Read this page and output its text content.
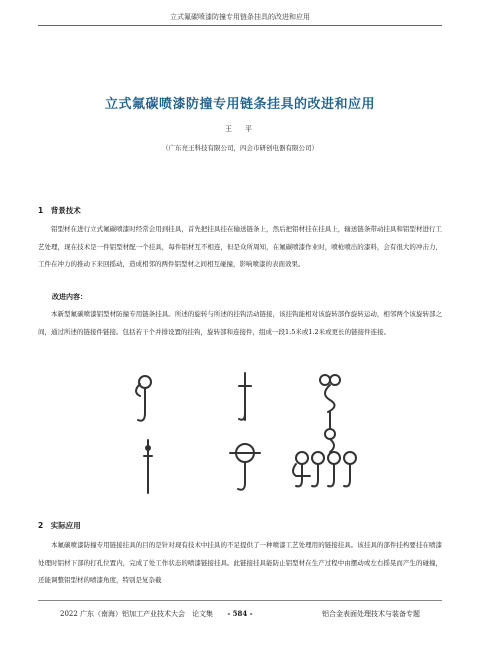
立式氟碳喷漆防撞专用链条挂具的改进和应用
立式氟碳喷漆防撞专用链条挂具的改进和应用
王　平
（广东亮王科技有限公司，四会市研创电器有限公司）
1　背景技术
铝型材在进行立式氟碳喷漆时经常会用到挂具，首先把挂具挂在输送链条上，然后把铝材挂在挂具上，输送链条带动挂具和铝型材进行工艺处理，现在技术是一件铝型材配一个挂具，每件铝材互不相连，但是众所周知，在氟碳喷漆作业时，喷枪喷出的漆料，会有很大的冲击力，工件在冲力的推动下来回摇动，造成相邻的两件铝型材之间相互碰撞，影响喷漆的表面效果。
改进内容：
本新型氟碳喷漆铝型材防撞专用链条挂具。所述的旋转与所述的挂钩活动链接，该挂钩能相对该旋转部作旋转运动，相邻两个该旋转部之间，通过所述的链接件链接。包括若干个并排设置的挂钩，旋转部和连接件，组成一段1.5米或1.2米或更长的链接件连接。
2　实际应用
本氟碳喷漆防撞专用链接挂具的目的是针对现有技术中挂具的不足提供了一种喷漆工艺处理用的链接挂具。该挂具的部件挂构要挂在喷漆处理时铝材下部的打孔位置内，完成了处工作状态的喷漆链接挂具。此链接挂具能防止铝型材在生产过程中由摆动或左右摇晃而产生的碰撞，还能调整铝型材的喷漆角度，特别是复杂截
2022 广东（南海）铝加工产业技术大会　论文集	- 584 -	铝合金表面处理技术与装备专题
